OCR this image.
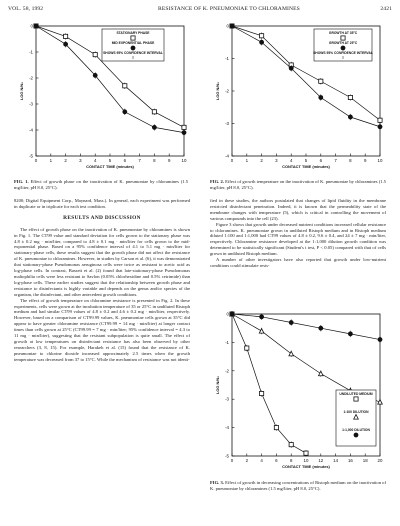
VOL. 58, 1992	RESISTANCE OF K. PNEUMONIAE TO CHLORAMINES	2421
0	1	2	3	4	5	6	7	8	9	10
0
-1
-2
-3
-4
-5
CONTACT TIME (minutes)
LOG N/N₀
STATIONARY PHASE
MID EXPONENTIAL PHASE
SHOWS 95% CONFIDENCE INTERVAL
FIG. 1. Effect of growth phase on the inactivation of K. pneumoniae by chloramines (1.5 mg/liter, pH 8.0, 25°C).
0	1	2	3	4	5	6	7	8	9	10
0
-1
-2
-3
-4
CONTACT TIME (minutes)
LOG N/N₀
GROWTH AT 35°C
GROWTH AT 25°C
SHOWS 95% CONFIDENCE INTERVAL
FIG. 2. Effect of growth temperature on the inactivation of K. pneumoniae by chloramines (1.5 mg/liter, pH 8.0, 25°C).

8200; Digital Equipment Corp., Maynard, Mass.). In general, each experiment was performed in duplicate or in triplicate for each test condition.

RESULTS AND DISCUSSION

The effect of growth phase on the inactivation of K. pneumoniae by chloramines is shown in Fig. 1. The CT99 value and standard deviation for cells grown to the stationary phase was 4.8 ± 0.2 mg · min/liter, compared to 4.8 ± 0.1 mg · min/liter for cells grown to the mid-exponential phase. Based on a 95% confidence interval of 4.1 to 5.1 mg · min/liter for stationary-phase cells, these results suggest that the growth phase did not affect the resistance of K. pneumoniae to chloramines. However, in studies by Carson et al. (6), it was demonstrated that stationary-phase Pseudomonas aeruginosa cells were twice as resistant to acetic acid as log-phase cells. In contrast, Bassett et al. (2) found that late-stationary-phase Pseudomonas maltophilia cells were less resistant to Savlon (0.05% chlorhexidine and 0.5% cetrimide) than log-phase cells. These earlier studies suggest that the relationship between growth phase and resistance to disinfectants is highly variable and depends on the genus and/or species of the organism, the disinfectant, and other antecedent growth conditions.

The effect of growth temperature on chloramine resistance is presented in Fig. 2. In these experiments, cells were grown at the incubation temperature of 35 or 25°C in undiluted Ristoph medium and had similar CT99 values of 4.8 ± 0.2 and 4.6 ± 0.2 mg · min/liter, respectively. However, based on a comparison of CT99.99 values, K. pneumoniae cells grown at 35°C did appear to have greater chloramine resistance (CT99.99 = 14 mg · min/liter) at longer contact times than cells grown at 25°C (CT99.99 = 7 mg · min/liter; 95% confidence interval = 4.3 to 11 mg · min/liter), suggesting that the resistant subpopulation is quite small. The effect of growth at low temperatures on disinfectant resistance has also been observed by other researchers (3, 8, 15). For example, Harakeh et al. (15) found that the resistance of K. pneumoniae to chlorine dioxide increased approximately 2.5 times when the growth temperature was decreased from 37 to 15°C. While the mechanism of resistance was not identi-

fied in these studies, the authors postulated that changes of lipid fluidity in the membrane restricted disinfectant penetration. Indeed, it is known that the permeability state of the membrane changes with temperature (5), which is critical in controlling the movement of various compounds into the cell (23).

Figure 3 shows that growth under decreased nutrient conditions increased cellular resistance to chloramines. K. pneumoniae grown in undiluted Ristoph medium and in Ristoph medium diluted 1:100 and 1:1,000 had CT99 values of 4.8 ± 0.2, 9.6 ± 0.4, and 24 ± 7 mg · min/liter, respectively. Chloramine resistance developed at the 1:1,000 dilution growth condition was determined to be statistically significant (Student's t test, P < 0.05) compared with that of cells grown in undiluted Ristoph medium.

A number of other investigators have also reported that growth under low-nutrient conditions could stimulate resis-

0	2	4	6	8	10 12 14 16 18 20
0
-1
-2
-3
-4
-5
CONTACT TIME (minutes)
LOG N/N₀
UNDILUTED MEDIUM
1:100 DILUTION
1:1,000 DILUTION
FIG. 3. Effect of growth in decreasing concentrations of Ristoph medium on the inactivation of K. pneumoniae by chloramines (1.5 mg/liter, pH 8.0, 25°C).
